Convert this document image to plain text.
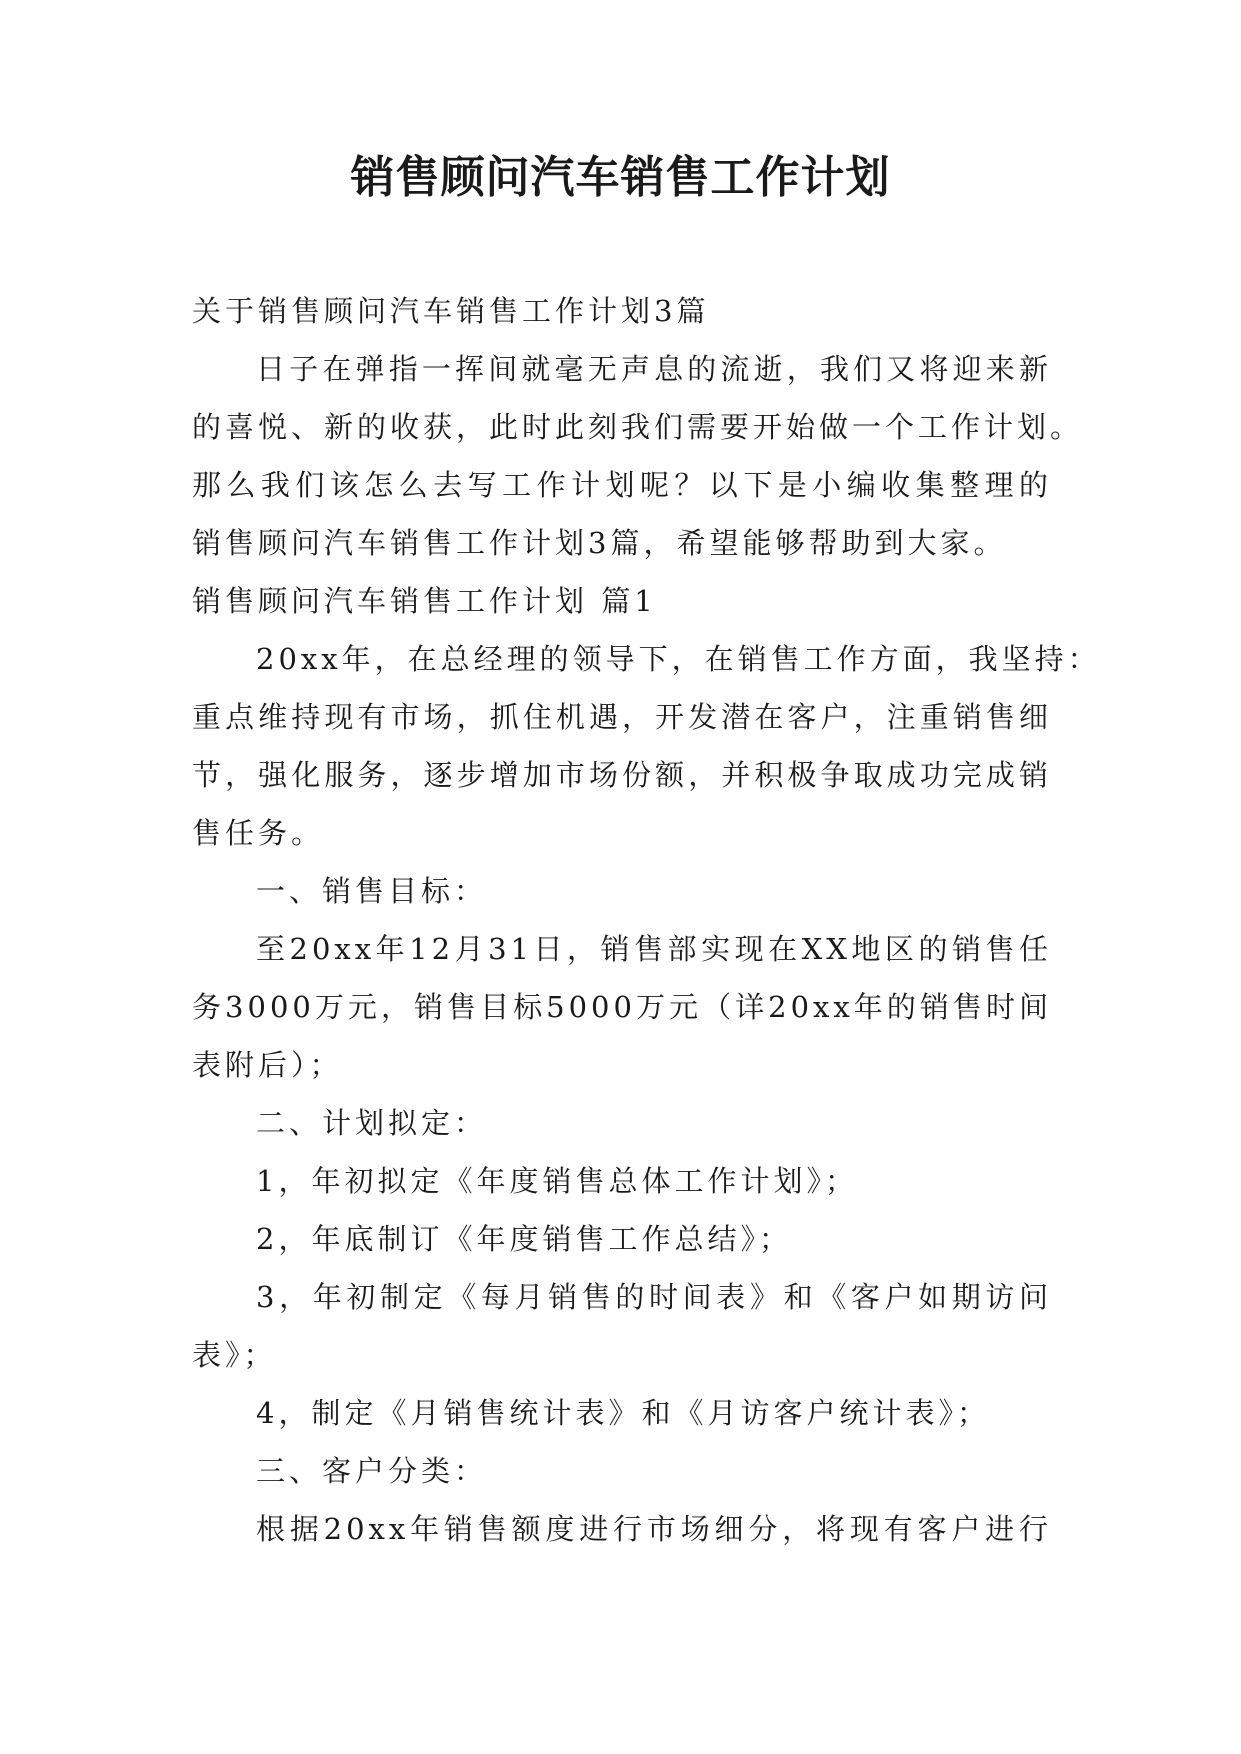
销售顾问汽车销售工作计划
关于销售顾问汽车销售工作计划3篇
日子在弹指一挥间就毫无声息的流逝，我们又将迎来新
的喜悦、新的收获，此时此刻我们需要开始做一个工作计划。
那么我们该怎么去写工作计划呢？以下是小编收集整理的
销售顾问汽车销售工作计划3篇，希望能够帮助到大家。
销售顾问汽车销售工作计划 篇1
20xx年，在总经理的领导下，在销售工作方面，我坚持：
重点维持现有市场，抓住机遇，开发潜在客户，注重销售细
节，强化服务，逐步增加市场份额，并积极争取成功完成销
售任务。
一、销售目标：
至20xx年12月31日，销售部实现在XX地区的销售任
务3000万元，销售目标5000万元（详20xx年的销售时间
表附后）；
二、计划拟定：
1，年初拟定《年度销售总体工作计划》；
2，年底制订《年度销售工作总结》；
3，年初制定《每月销售的时间表》和《客户如期访问
表》；
4，制定《月销售统计表》和《月访客户统计表》；
三、客户分类：
根据20xx年销售额度进行市场细分，将现有客户进行
